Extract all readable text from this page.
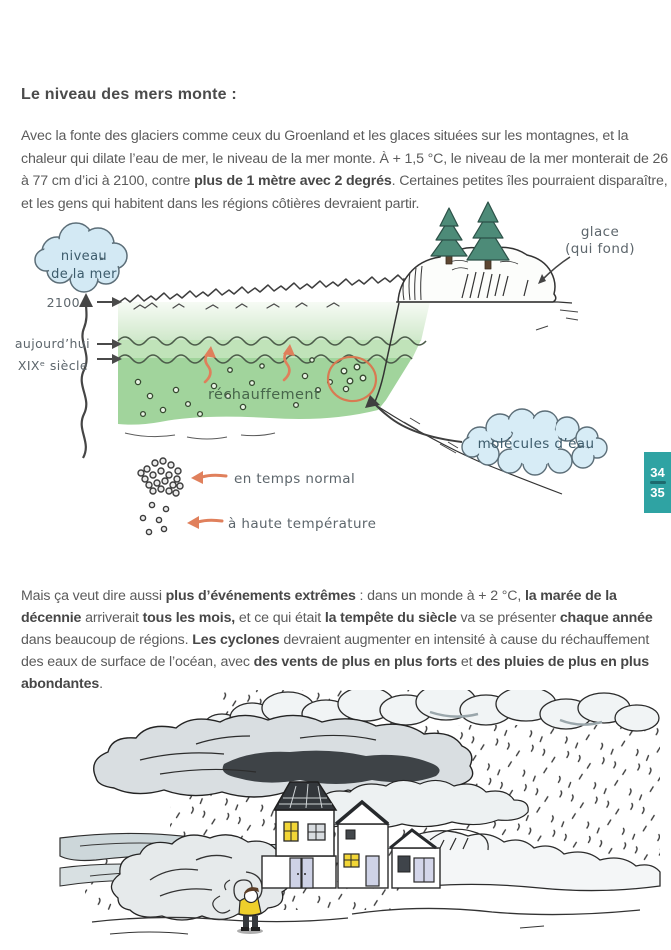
Le niveau des mers monte :

Avec la fonte des glaciers comme ceux du Groenland et les glaces situées sur les montagnes, et la chaleur qui dilate l’eau de mer, le niveau de la mer monte. À + 1,5 °C, le niveau de la mer monterait de 26 à 77 cm d’ici à 2100, contre plus de 1 mètre avec 2 degrés. Certaines petites îles pourraient disparaître, et les gens qui habitent dans les régions côtières devraient partir.

réchauffement
glace
(qui fond)
niveau
de la mer
2100
aujourd’hui
XIXᵉ siècle
molécules d’eau
en temps normal
à haute température

Mais ça veut dire aussi plus d’événements extrêmes : dans un monde à + 2 °C, la marée de la décennie arriverait tous les mois, et ce qui était la tempête du siècle va se présenter chaque année dans beaucoup de régions. Les cyclones devraient augmenter en intensité à cause du réchauffement des eaux de surface de l’océan, avec des vents de plus en plus forts et des pluies de plus en plus abondantes.

34
35
